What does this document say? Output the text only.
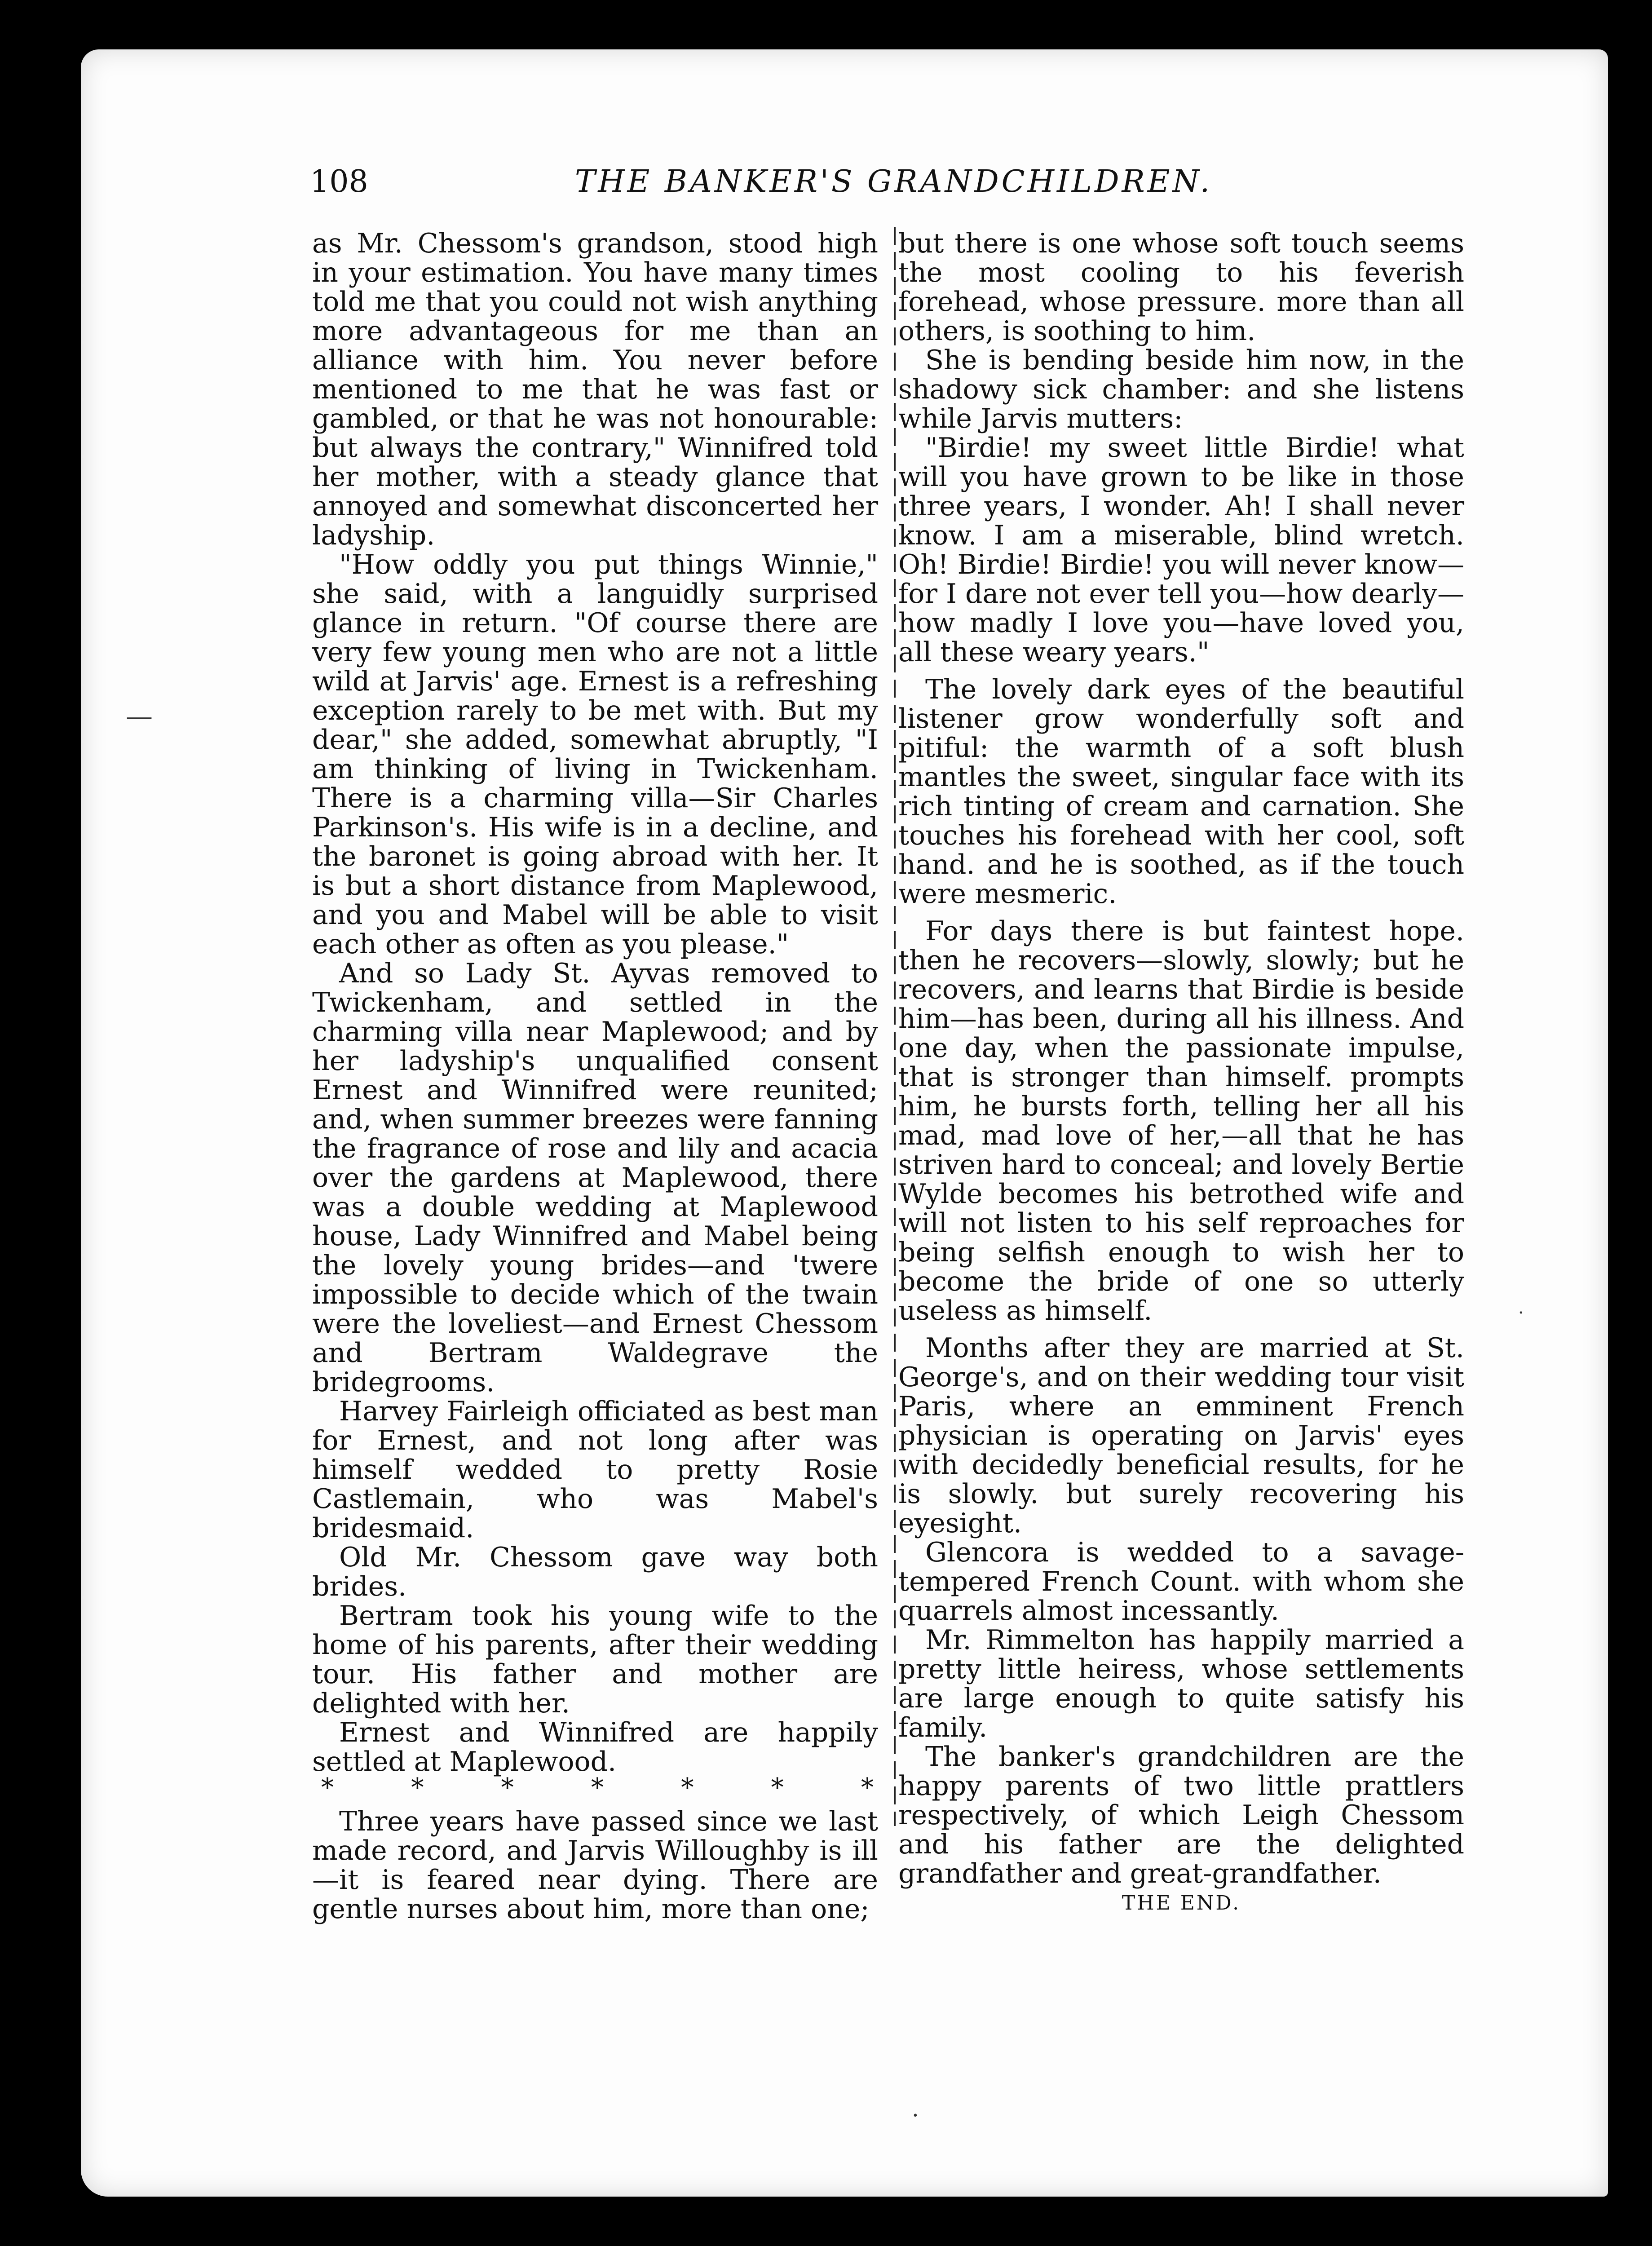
108	THE BANKER'S GRANDCHILDREN.

as Mr. Chessom's grandson, stood high in your estimation. You have many times told me that you could not wish anything more advantageous for me than an alliance with him. You never before mentioned to me that he was fast or gambled, or that he was not honourable: but always the contrary," Winnifred told her mother, with a steady glance that annoyed and somewhat disconcerted her ladyship.

"How oddly you put things Winnie," she said, with a languidly surprised glance in return. "Of course there are very few young men who are not a little wild at Jarvis' age. Ernest is a refreshing exception rarely to be met with. But my dear," she added, somewhat abruptly, "I am thinking of living in Twickenham. There is a charming villa—Sir Charles Parkinson's. His wife is in a decline, and the baronet is going abroad with her. It is but a short distance from Maplewood, and you and Mabel will be able to visit each other as often as you please."

And so Lady St. Ayvas removed to Twickenham, and settled in the charming villa near Maplewood; and by her ladyship's unqualified consent Ernest and Winnifred were reunited; and, when summer breezes were fanning the fragrance of rose and lily and acacia over the gardens at Maplewood, there was a double wedding at Maplewood house, Lady Winnifred and Mabel being the lovely young brides—and 'twere impossible to decide which of the twain were the loveliest—and Ernest Chessom and Bertram Waldegrave the bridegrooms.

Harvey Fairleigh officiated as best man for Ernest, and not long after was himself wedded to pretty Rosie Castlemain, who was Mabel's bridesmaid.

Old Mr. Chessom gave way both brides.

Bertram took his young wife to the home of his parents, after their wedding tour. His father and mother are delighted with her.

Ernest and Winnifred are happily settled at Maplewood.

* * * * * * *

Three years have passed since we last made record, and Jarvis Willoughby is ill—it is feared near dying. There are gentle nurses about him, more than one;

but there is one whose soft touch seems the most cooling to his feverish forehead, whose pressure. more than all others, is soothing to him.

She is bending beside him now, in the shadowy sick chamber: and she listens while Jarvis mutters:

"Birdie! my sweet little Birdie! what will you have grown to be like in those three years, I wonder. Ah! I shall never know. I am a miserable, blind wretch. Oh! Birdie! Birdie! you will never know—for I dare not ever tell you—how dearly—how madly I love you—have loved you, all these weary years."

The lovely dark eyes of the beautiful listener grow wonderfully soft and pitiful: the warmth of a soft blush mantles the sweet, singular face with its rich tinting of cream and carnation. She touches his forehead with her cool, soft hand. and he is soothed, as if the touch were mesmeric.

For days there is but faintest hope. then he recovers—slowly, slowly; but he recovers, and learns that Birdie is beside him—has been, during all his illness. And one day, when the passionate impulse, that is stronger than himself. prompts him, he bursts forth, telling her all his mad, mad love of her,—all that he has striven hard to conceal; and lovely Bertie Wylde becomes his betrothed wife and will not listen to his self reproaches for being selfish enough to wish her to become the bride of one so utterly useless as himself.

Months after they are married at St. George's, and on their wedding tour visit Paris, where an emminent French physician is operating on Jarvis' eyes with decidedly beneficial results, for he is slowly. but surely recovering his eyesight.

Glencora is wedded to a savage-tempered French Count. with whom she quarrels almost incessantly.

Mr. Rimmelton has happily married a pretty little heiress, whose settlements are large enough to quite satisfy his family.

The banker's grandchildren are the happy parents of two little prattlers respectively, of which Leigh Chessom and his father are the delighted grandfather and great-grandfather.

THE END.

—
·
·
